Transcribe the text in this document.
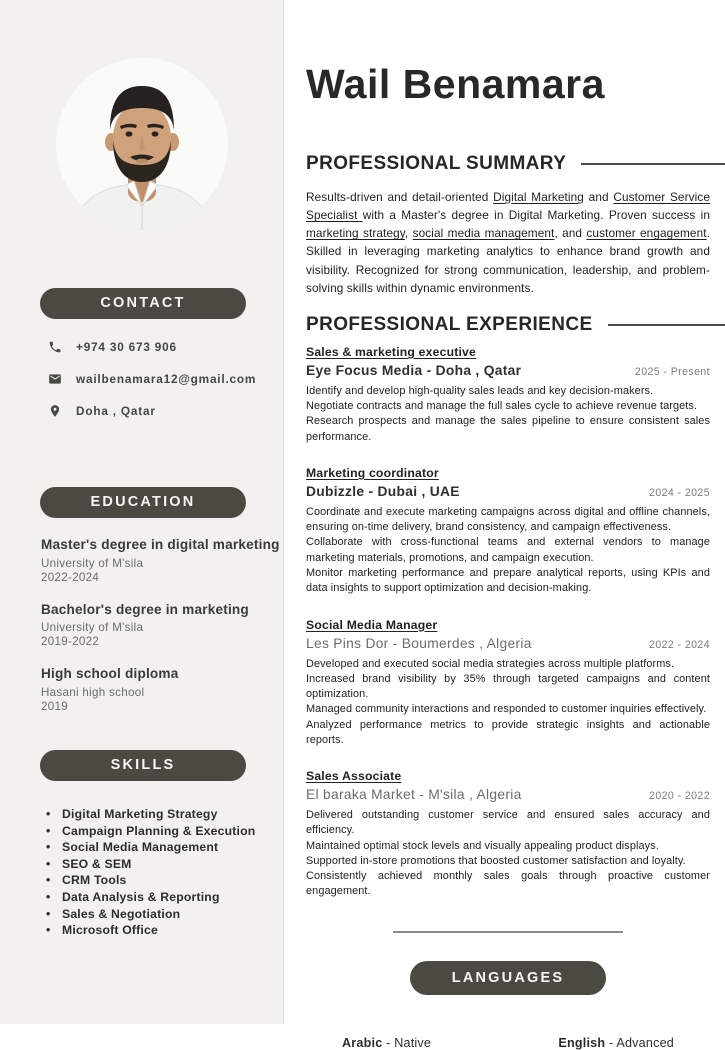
CONTACT
+974 30 673 906
wailbenamara12@gmail.com
Doha , Qatar
EDUCATION
Master's degree in digital marketing
University of M'sila
2022-2024
Bachelor's degree in marketing
University of M'sila
2019-2022
High school diploma
Hasani high school
2019
SKILLS
• Digital Marketing Strategy
• Campaign Planning & Execution
• Social Media Management
• SEO & SEM
• CRM Tools
• Data Analysis & Reporting
• Sales & Negotiation
• Microsoft Office
Wail Benamara
PROFESSIONAL SUMMARY

Results-driven and detail-oriented Digital Marketing and Customer Service Specialist with a Master's degree in Digital Marketing. Proven success in marketing strategy, social media management, and customer engagement. Skilled in leveraging marketing analytics to enhance brand growth and visibility. Recognized for strong communication, leadership, and problem-solving skills within dynamic environments.

PROFESSIONAL EXPERIENCE
Sales & marketing executive
Eye Focus Media - Doha , Qatar	2025 - Present
Identify and develop high-quality sales leads and key decision-makers.
Negotiate contracts and manage the full sales cycle to achieve revenue targets.
Research prospects and manage the sales pipeline to ensure consistent sales performance.
Marketing coordinator
Dubizzle - Dubai , UAE	2024 - 2025
Coordinate and execute marketing campaigns across digital and offline channels, ensuring on-time delivery, brand consistency, and campaign effectiveness.
Collaborate with cross-functional teams and external vendors to manage marketing materials, promotions, and campaign execution.
Monitor marketing performance and prepare analytical reports, using KPIs and data insights to support optimization and decision-making.
Social Media Manager
Les Pins Dor - Boumerdes , Algeria	2022 - 2024
Developed and executed social media strategies across multiple platforms.
Increased brand visibility by 35% through targeted campaigns and content optimization.
Managed community interactions and responded to customer inquiries effectively.
Analyzed performance metrics to provide strategic insights and actionable reports.
Sales Associate
El baraka Market - M'sila , Algeria	2020 - 2022
Delivered outstanding customer service and ensured sales accuracy and efficiency.
Maintained optimal stock levels and visually appealing product displays.
Supported in-store promotions that boosted customer satisfaction and loyalty.
Consistently achieved monthly sales goals through proactive customer engagement.
LANGUAGES
Arabic - Native	English - Advanced
